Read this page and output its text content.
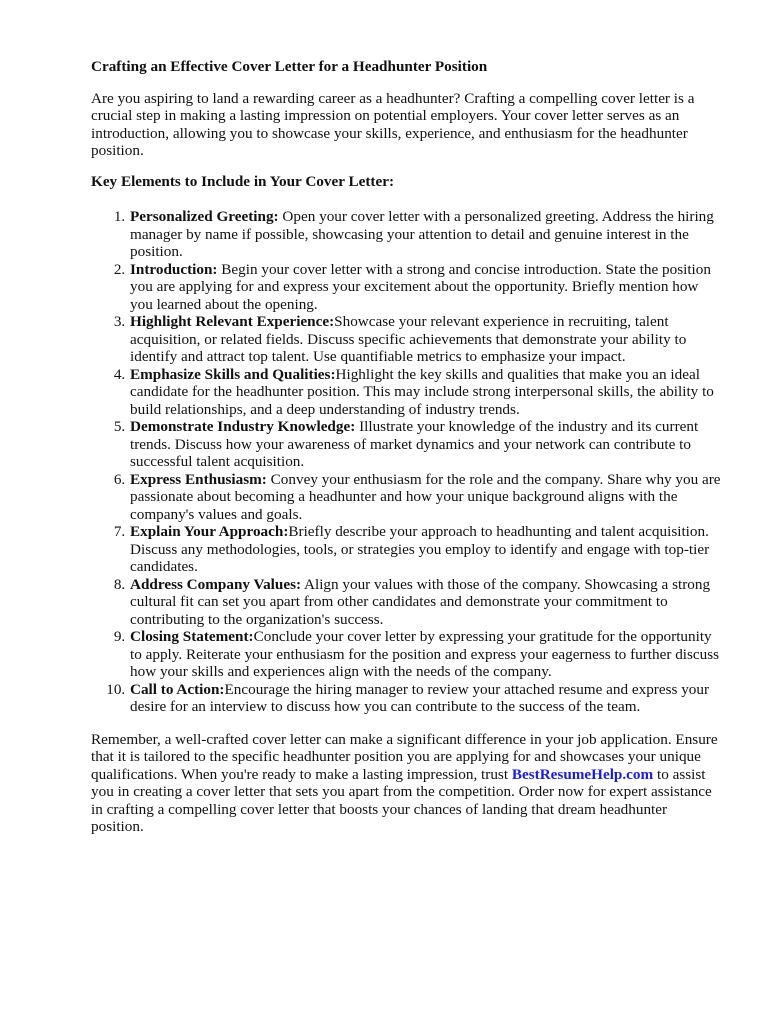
Crafting an Effective Cover Letter for a Headhunter Position

Are you aspiring to land a rewarding career as a headhunter? Crafting a compelling cover letter is a crucial step in making a lasting impression on potential employers. Your cover letter serves as an introduction, allowing you to showcase your skills, experience, and enthusiasm for the headhunter position.

Key Elements to Include in Your Cover Letter:
1. Personalized Greeting: Open your cover letter with a personalized greeting. Address the hiring manager by name if possible, showcasing your attention to detail and genuine interest in the position.
2. Introduction: Begin your cover letter with a strong and concise introduction. State the position you are applying for and express your excitement about the opportunity. Briefly mention how you learned about the opening.
3. Highlight Relevant Experience:Showcase your relevant experience in recruiting, talent acquisition, or related fields. Discuss specific achievements that demonstrate your ability to identify and attract top talent. Use quantifiable metrics to emphasize your impact.
4. Emphasize Skills and Qualities:Highlight the key skills and qualities that make you an ideal candidate for the headhunter position. This may include strong interpersonal skills, the ability to build relationships, and a deep understanding of industry trends.
5. Demonstrate Industry Knowledge: Illustrate your knowledge of the industry and its current trends. Discuss how your awareness of market dynamics and your network can contribute to successful talent acquisition.
6. Express Enthusiasm: Convey your enthusiasm for the role and the company. Share why you are passionate about becoming a headhunter and how your unique background aligns with the company's values and goals.
7. Explain Your Approach:Briefly describe your approach to headhunting and talent acquisition. Discuss any methodologies, tools, or strategies you employ to identify and engage with top-tier candidates.
8. Address Company Values: Align your values with those of the company. Showcasing a strong cultural fit can set you apart from other candidates and demonstrate your commitment to contributing to the organization's success.
9. Closing Statement:Conclude your cover letter by expressing your gratitude for the opportunity to apply. Reiterate your enthusiasm for the position and express your eagerness to further discuss how your skills and experiences align with the needs of the company.
10. Call to Action:Encourage the hiring manager to review your attached resume and express your desire for an interview to discuss how you can contribute to the success of the team.

Remember, a well-crafted cover letter can make a significant difference in your job application. Ensure that it is tailored to the specific headhunter position you are applying for and showcases your unique qualifications. When you're ready to make a lasting impression, trust BestResumeHelp.com to assist you in creating a cover letter that sets you apart from the competition. Order now for expert assistance in crafting a compelling cover letter that boosts your chances of landing that dream headhunter position.
